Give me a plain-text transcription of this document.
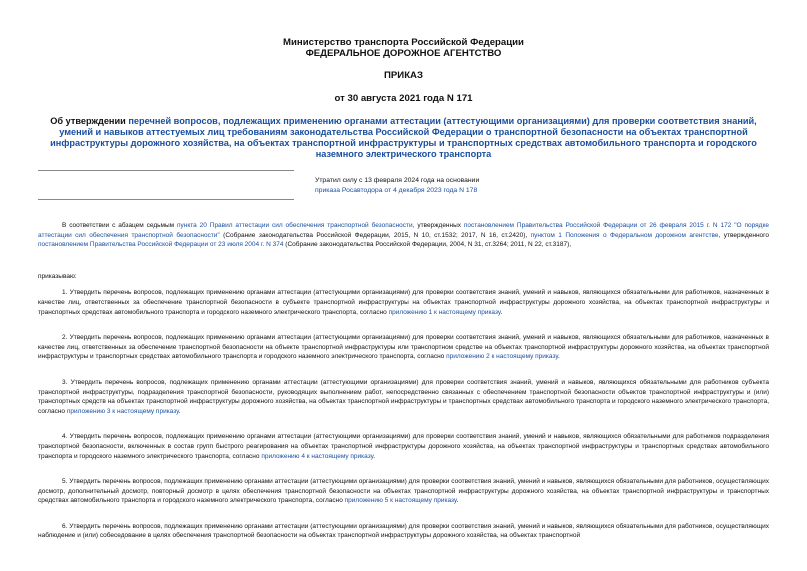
Министерство транспорта Российской Федерации
ФЕДЕРАЛЬНОЕ ДОРОЖНОЕ АГЕНТСТВО
ПРИКАЗ
от 30 августа 2021 года N 171
Об утверждении перечней вопросов, подлежащих применению органами аттестации (аттестующими организациями) для проверки соответствия знаний, умений и навыков аттестуемых лиц требованиям законодательства Российской Федерации о транспортной безопасности на объектах транспортной инфраструктуры дорожного хозяйства, на объектах транспортной инфраструктуры и транспортных средствах автомобильного транспорта и городского наземного электрического транспорта
Утратил силу с 13 февраля 2024 года на основании
приказа Росавтодора от 4 декабря 2023 года N 178
В соответствии с абзацем седьмым пункта 20 Правил аттестации сил обеспечения транспортной безопасности, утвержденных постановлением Правительства Российской Федерации от 26 февраля 2015 г. N 172 "О порядке аттестации сил обеспечения транспортной безопасности" (Собрание законодательства Российской Федерации, 2015, N 10, ст.1532; 2017, N 16, ст.2420), пунктом 1 Положения о Федеральном дорожном агентстве, утвержденного постановлением Правительства Российской Федерации от 23 июля 2004 г. N 374 (Собрание законодательства Российской Федерации, 2004, N 31, ст.3264; 2011, N 22, ст.3187),
приказываю:
1. Утвердить перечень вопросов, подлежащих применению органами аттестации (аттестующими организациями) для проверки соответствия знаний, умений и навыков, являющихся обязательными для работников, назначенных в качестве лиц, ответственных за обеспечение транспортной безопасности в субъекте транспортной инфраструктуры на объектах транспортной инфраструктуры дорожного хозяйства, на объектах транспортной инфраструктуры и транспортных средствах автомобильного транспорта и городского наземного электрического транспорта, согласно приложению 1 к настоящему приказу.
2. Утвердить перечень вопросов, подлежащих применению органами аттестации (аттестующими организациями) для проверки соответствия знаний, умений и навыков, являющихся обязательными для работников, назначенных в качестве лиц, ответственных за обеспечение транспортной безопасности на объекте транспортной инфраструктуры или транспортном средстве на объектах транспортной инфраструктуры дорожного хозяйства, на объектах транспортной инфраструктуры и транспортных средствах автомобильного транспорта и городского наземного электрического транспорта, согласно приложению 2 к настоящему приказу.
3. Утвердить перечень вопросов, подлежащих применению органами аттестации (аттестующими организациями) для проверки соответствия знаний, умений и навыков, являющихся обязательными для работников субъекта транспортной инфраструктуры, подразделения транспортной безопасности, руководящих выполнением работ, непосредственно связанных с обеспечением транспортной безопасности объектов транспортной инфраструктуры и (или) транспортных средств на объектах транспортной инфраструктуры дорожного хозяйства, на объектах транспортной инфраструктуры и транспортных средствах автомобильного транспорта и городского наземного электрического транспорта, согласно приложению 3 к настоящему приказу.
4. Утвердить перечень вопросов, подлежащих применению органами аттестации (аттестующими организациями) для проверки соответствия знаний, умений и навыков, являющихся обязательными для работников подразделения транспортной безопасности, включенных в состав групп быстрого реагирования на объектах транспортной инфраструктуры дорожного хозяйства, на объектах транспортной инфраструктуры и транспортных средствах автомобильного транспорта и городского наземного электрического транспорта, согласно приложению 4 к настоящему приказу.
5. Утвердить перечень вопросов, подлежащих применению органами аттестации (аттестующими организациями) для проверки соответствия знаний, умений и навыков, являющихся обязательными для работников, осуществляющих досмотр, дополнительный досмотр, повторный досмотр в целях обеспечения транспортной безопасности на объектах транспортной инфраструктуры дорожного хозяйства, на объектах транспортной инфраструктуры и транспортных средствах автомобильного транспорта и городского наземного электрического транспорта, согласно приложению 5 к настоящему приказу.
6. Утвердить перечень вопросов, подлежащих применению органами аттестации (аттестующими организациями) для проверки соответствия знаний, умений и навыков, являющихся обязательными для работников, осуществляющих наблюдение и (или) собеседование в целях обеспечения транспортной безопасности на объектах транспортной инфраструктуры дорожного хозяйства, на объектах транспортной
